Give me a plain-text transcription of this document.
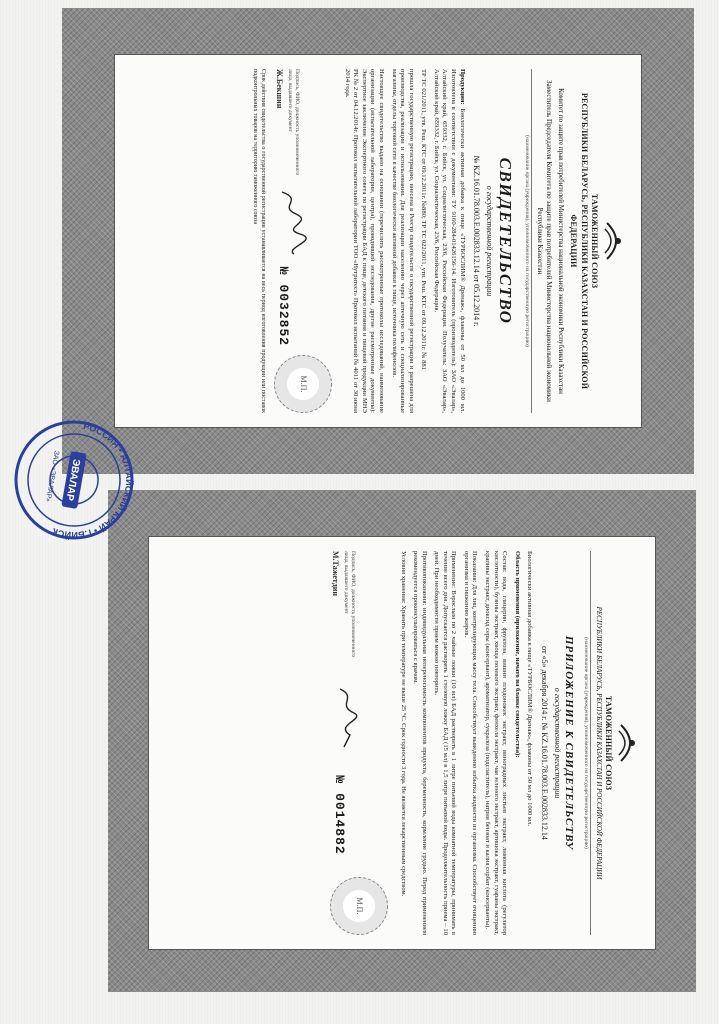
ТАМОЖЕННЫЙ СОЮЗ
РЕСПУБЛИКИ БЕЛАРУСЬ, РЕСПУБЛИКИ КАЗАХСТАН И РОССИЙСКОЙ ФЕДЕРАЦИИ
Комитет по защите прав потребителей Министерства национальной экономики Республики Казахстан
Заместитель Председателя Комитета по защите прав потребителей Министерства национальной экономики Республики Казахстан
(наименование органа (учреждения), уполномоченного на государственную регистрацию)
СВИДЕТЕЛЬСТВО
о государственной регистрации
№ KZ.16.01.78.003.E.002833.12.14 от 05.12.2014 г.
Продукция: Биологически активная добавка к пище «ТУРБОСЛИМ® Дренаж», флаконы от 50 мл до 1000 мл. Изготовлена в соответствии с документами: ТУ 9160-284-01426156-14. Изготовитель (производитель): ЗАО «Эвалар», Алтайский край, 659332, г. Бийск, ул. Социалистическая, 23/6, Российская Федерация. Получатель: ЗАО «Эвалар», Алтайский край, 659332, г. Бийск, ул. Социалистическая, 23/6, Российская Федерация.
ТР ТС 021/2011, утв. Реш. КТС от 09.12.2011г. №880; ТР ТС 022/2011, утв. Реш. КТС от 09.12.2011г. № 881
прошла государственную регистрацию, внесена в Реестр свидетельств о государственной регистрации и разрешена для производства, реализации и использования. Для реализации населению через аптечную сеть и специализированные магазины, отделы торговой сети в качестве биологически активной добавки к пище, источника полифенолов.
Настоящее свидетельство выдано на основании (перечислить рассмотренные протоколы исследований, наименование организации (испытательной лаборатории, центра), проводившей исследования, другие рассмотренные документы): Экспертное заключение Экспертного совета по регистрации БАД к пище, детского питания и пищевой продукции МНЭ РК № 2 от 04.12.2014г. Протокол испытательной лаборатории ТОО «Нутритест» Протокол испытаний № 4011 от 30 июня 2014 года.
Подпись, ФИО, должность уполномоченного лица, выдавшего документ
Ж.Бекшин
№ 0032852
М.П.
Срок действия свидетельства о государственной регистрации устанавливается на весь период изготовления продукции или поставок подконтрольных товаров на территорию таможенного союза
ТАМОЖЕННЫЙ СОЮЗ
РЕСПУБЛИКИ БЕЛАРУСЬ, РЕСПУБЛИКИ КАЗАХСТАН И РОССИЙСКОЙ ФЕДЕРАЦИИ
(наименование органа (учреждения), уполномоченного на государственную регистрацию)
ПРИЛОЖЕНИЕ К СВИДЕТЕЛЬСТВУ
о государственной регистрации
от «5» декабря 2014 г. № KZ.16.01.78.003.E.002833.12.14
Биологически активная добавка к пище «ТУРБОСЛИМ® Дренаж», флаконы от 50 мл до 1000 мл.
Область применения (приложение, начато на бланке свидетельства):
Состав: вода, глицерин, фруктоза, вишни плодоножек экстракт, виноградных листьев экстракт, лимонная кислота (регулятор кислотности), бузины экстракт, хвоща полевого экстракт, фенхеля экстракт, чая зеленого экстракт, артишока экстракт, гуараны экстракт, крапивы экстракт, диоксид серы (консервант), ароматизатор, сукралоза (подсластитель), натрия бензоат и калия сорбат (консерванты).
Показания: Для лиц, контролирующих массу тела. Способствует выведению избытка жидкости из организма. Способствует очищению организма и снижению жиров.
Применение: Взрослым по 2 чайные ложки (10 мл) БАД растворить в 1 литре питьевой воды комнатной температуры, принимать в течение всего дня. Допускается растворять 1 столовую ложку БАД (15 мл) в 1,5 литре питьевой воды. Продолжительность приема – 10 дней. При необходимости прием можно повторить.
Противопоказания: индивидуальная непереносимость компонентов продукта, беременность, кормление грудью. Перед применением рекомендуется проконсультироваться с врачом.
Условия хранения: Хранить при температуре не выше 25 °С. Срок годности 3 года. Не является лекарственным средством.
Подпись, ФИО, должность уполномоченного лица, выдавшего документ
М.Тажетдин
№ 0014882
М.П.
РОССИЯ • АЛТАЙСКИЙ КРАЙ • Г.БИЙСК
ЭВАЛАР
ЗАО «ЭВАЛАР»
